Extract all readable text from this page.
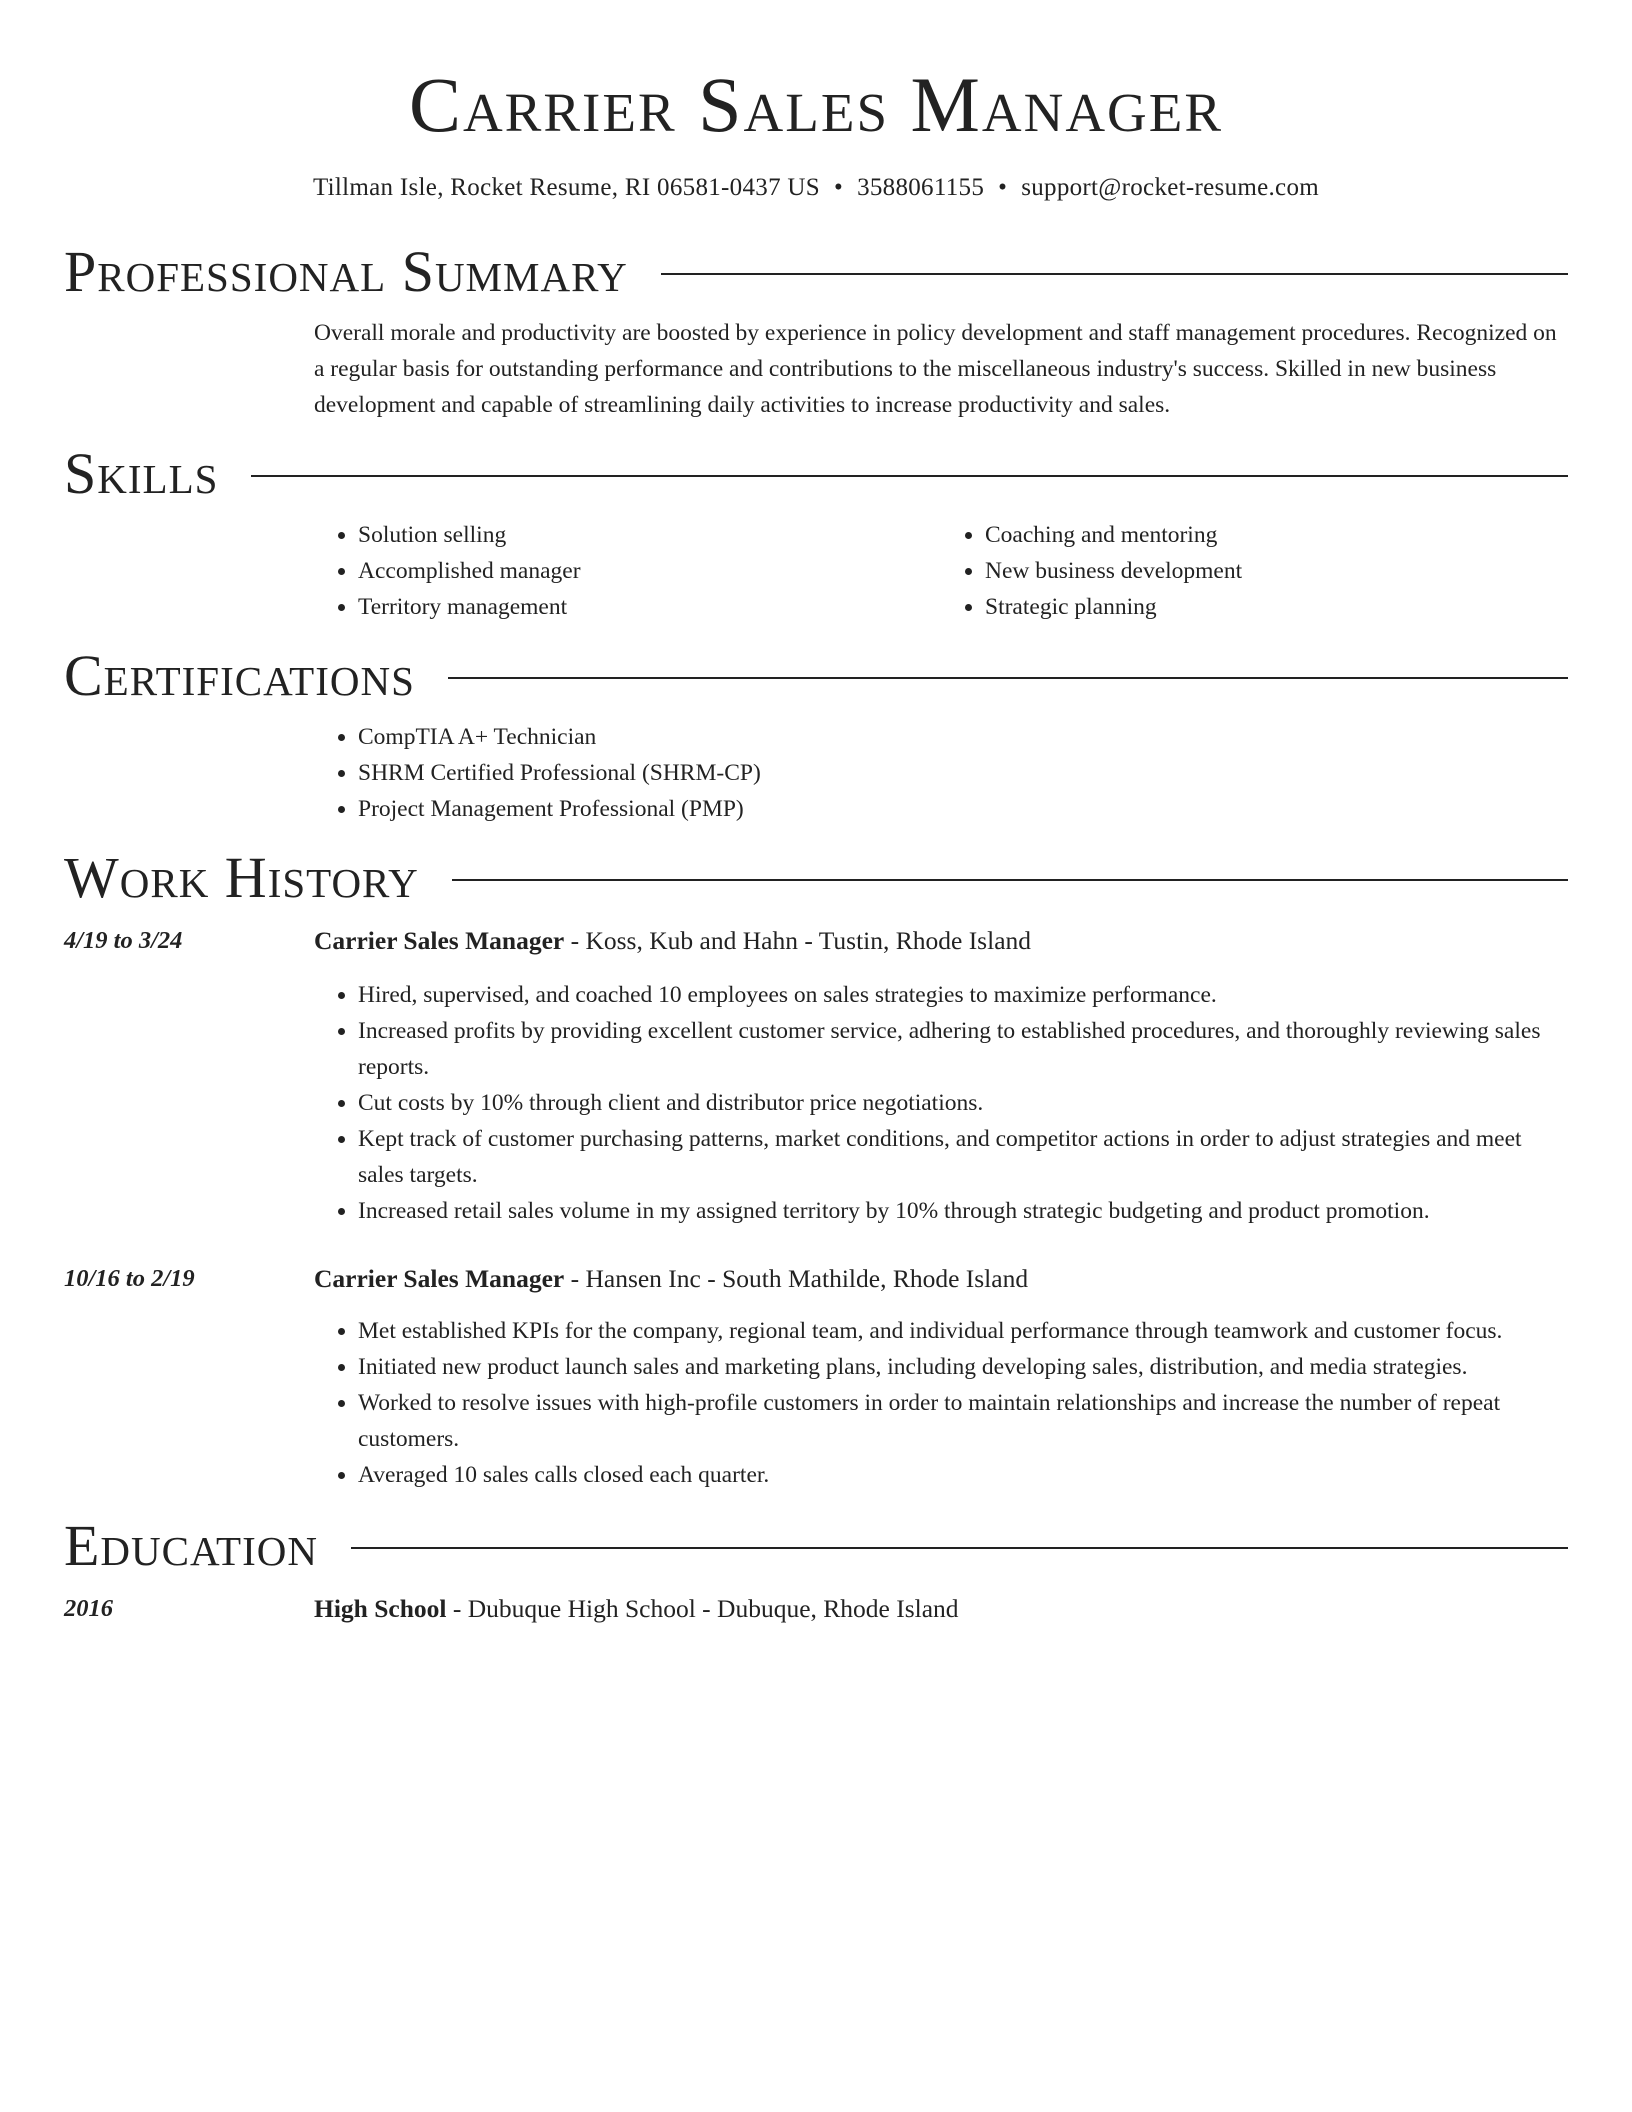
Carrier Sales Manager
Tillman Isle, Rocket Resume, RI 06581-0437 US • 3588061155 • support@rocket-resume.com
Professional Summary
Overall morale and productivity are boosted by experience in policy development and staff management procedures. Recognized on a regular basis for outstanding performance and contributions to the miscellaneous industry's success. Skilled in new business development and capable of streamlining daily activities to increase productivity and sales.
Skills
• Solution selling
• Accomplished manager
• Territory management
• Coaching and mentoring
• New business development
• Strategic planning
Certifications
• CompTIA A+ Technician
• SHRM Certified Professional (SHRM-CP)
• Project Management Professional (PMP)
Work History
4/19 to 3/24	Carrier Sales Manager - Koss, Kub and Hahn - Tustin, Rhode Island
• Hired, supervised, and coached 10 employees on sales strategies to maximize performance.
• Increased profits by providing excellent customer service, adhering to established procedures, and thoroughly reviewing sales reports.
• Cut costs by 10% through client and distributor price negotiations.
• Kept track of customer purchasing patterns, market conditions, and competitor actions in order to adjust strategies and meet sales targets.
• Increased retail sales volume in my assigned territory by 10% through strategic budgeting and product promotion.
10/16 to 2/19	Carrier Sales Manager - Hansen Inc - South Mathilde, Rhode Island
• Met established KPIs for the company, regional team, and individual performance through teamwork and customer focus.
• Initiated new product launch sales and marketing plans, including developing sales, distribution, and media strategies.
• Worked to resolve issues with high-profile customers in order to maintain relationships and increase the number of repeat customers.
• Averaged 10 sales calls closed each quarter.
Education
2016	High School - Dubuque High School - Dubuque, Rhode Island
